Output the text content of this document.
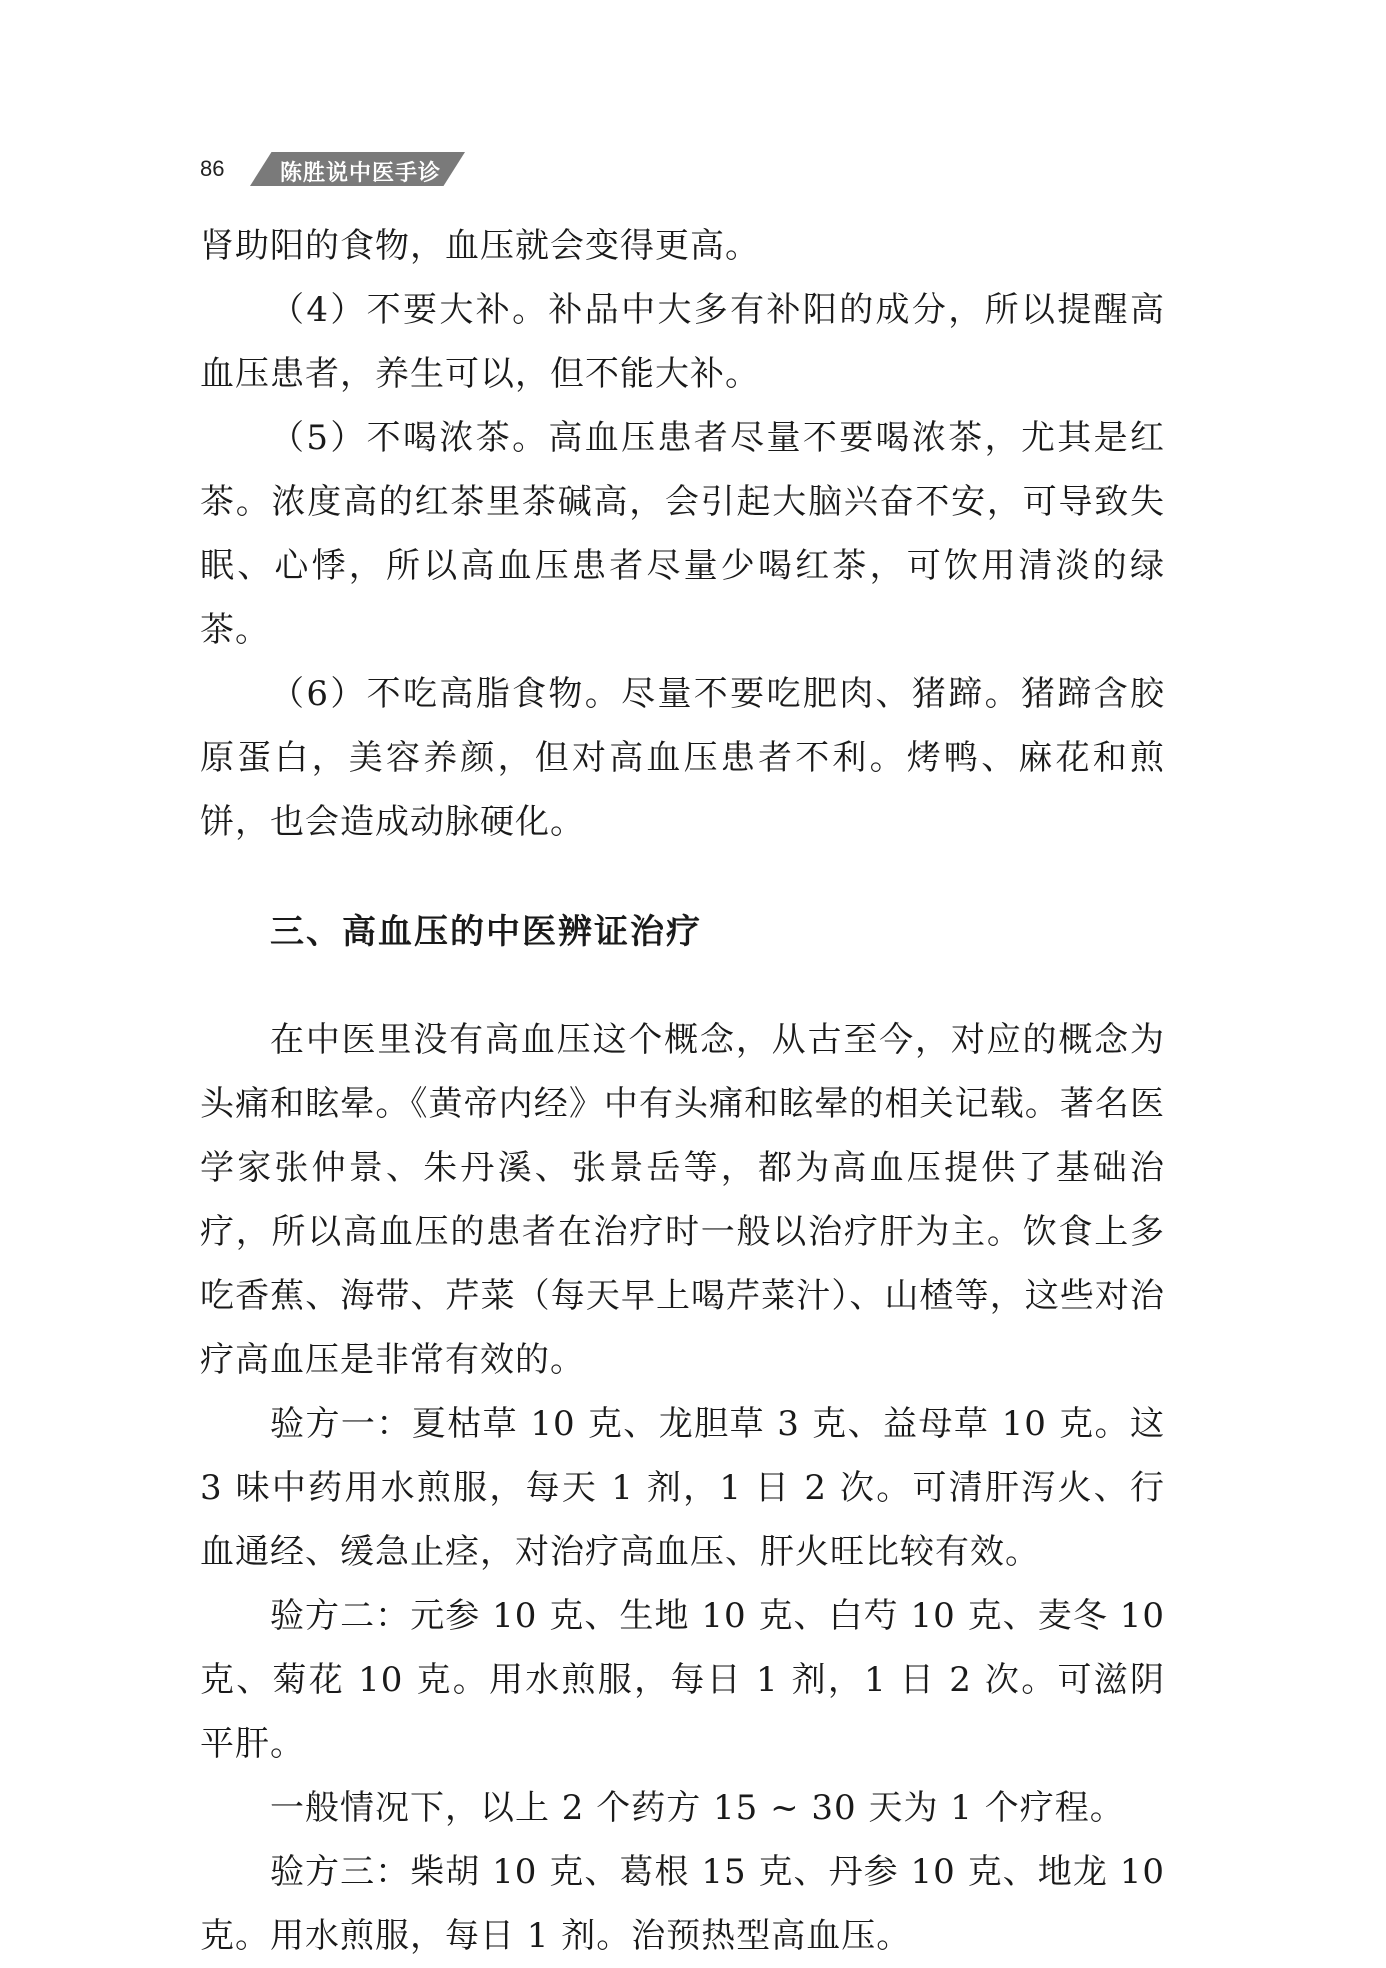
86	陈胜说中医手诊

肾助阳的食物，血压就会变得更高。

（4）不要大补。补品中大多有补阳的成分，所以提醒高血压患者，养生可以，但不能大补。

（5）不喝浓茶。高血压患者尽量不要喝浓茶，尤其是红茶。浓度高的红茶里茶碱高，会引起大脑兴奋不安，可导致失眠、心悸，所以高血压患者尽量少喝红茶，可饮用清淡的绿茶。

（6）不吃高脂食物。尽量不要吃肥肉、猪蹄。猪蹄含胶原蛋白，美容养颜，但对高血压患者不利。烤鸭、麻花和煎饼，也会造成动脉硬化。

三、高血压的中医辨证治疗

在中医里没有高血压这个概念，从古至今，对应的概念为头痛和眩晕。《黄帝内经》中有头痛和眩晕的相关记载。著名医学家张仲景、朱丹溪、张景岳等，都为高血压提供了基础治疗，所以高血压的患者在治疗时一般以治疗肝为主。饮食上多吃香蕉、海带、芹菜（每天早上喝芹菜汁）、山楂等，这些对治疗高血压是非常有效的。

验方一：夏枯草 10 克、龙胆草 3 克、益母草 10 克。这 3 味中药用水煎服，每天 1 剂，1 日 2 次。可清肝泻火、行血通经、缓急止痉，对治疗高血压、肝火旺比较有效。

验方二：元参 10 克、生地 10 克、白芍 10 克、麦冬 10 克、菊花 10 克。用水煎服，每日 1 剂，1 日 2 次。可滋阴平肝。

一般情况下，以上 2 个药方 15 ~ 30 天为 1 个疗程。

验方三：柴胡 10 克、葛根 15 克、丹参 10 克、地龙 10 克。用水煎服，每日 1 剂。治预热型高血压。
